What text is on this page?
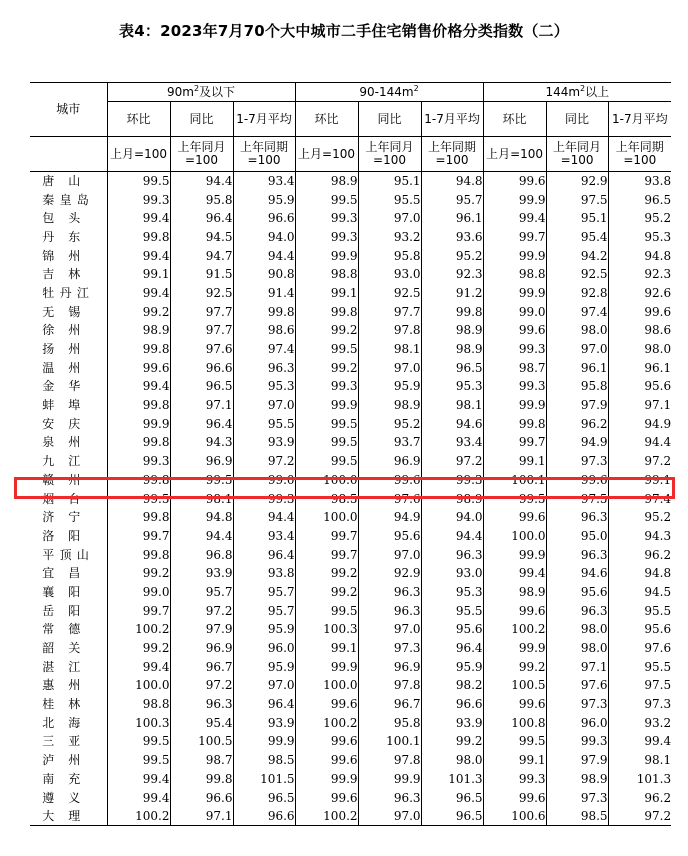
表4：2023年7月70个大中城市二手住宅销售价格分类指数（二）
城市	$90m^2$及以下			$90-144m^2$			$144m^2$以上		
	环比	同比	1-7月平均	环比	同比	1-7月平均	环比	同比	1-7月平均
	上月=100	上年同月=100	上年同期=100	上月=100	上年同月=100	上年同期=100	上月=100	上年同月=100	上年同期=100

唐 山	99.5	94.4	93.4	98.9	95.1	94.8	99.6	92.9	93.8

秦 皇 岛	99.3	95.8	95.9	99.5	95.5	95.7	99.9	97.5	96.5

包 头	99.4	96.4	96.6	99.3	97.0	96.1	99.4	95.1	95.2

丹 东	99.8	94.5	94.0	99.3	93.2	93.6	99.7	95.4	95.3

锦 州	99.4	94.7	94.4	99.9	95.8	95.2	99.9	94.2	94.8

吉 林	99.1	91.5	90.8	98.8	93.0	92.3	98.8	92.5	92.3

牡 丹 江	99.4	92.5	91.4	99.1	92.5	91.2	99.9	92.8	92.6

无 锡	99.2	97.7	99.8	99.8	97.7	99.8	99.0	97.4	99.6

徐 州	98.9	97.7	98.6	99.2	97.8	98.9	99.6	98.0	98.6

扬 州	99.8	97.6	97.4	99.5	98.1	98.9	99.3	97.0	98.0

温 州	99.6	96.6	96.3	99.2	97.0	96.5	98.7	96.1	96.1

金 华	99.4	96.5	95.3	99.3	95.9	95.3	99.3	95.8	95.6

蚌 埠	99.8	97.1	97.0	99.9	98.9	98.1	99.9	97.9	97.1

安 庆	99.9	96.4	95.5	99.5	95.2	94.6	99.8	96.2	94.9

泉 州	99.8	94.3	93.9	99.5	93.7	93.4	99.7	94.9	94.4

九 江	99.3	96.9	97.2	99.5	96.9	97.2	99.1	97.3	97.2

赣 州	99.8	99.5	99.0	100.0	99.6	99.3	100.1	99.6	99.1

烟 台	99.5	98.1	99.3	98.5	97.6	98.9	99.5	97.5	97.4

济 宁	99.8	94.8	94.4	100.0	94.9	94.0	99.6	96.3	95.2

洛 阳	99.7	94.4	93.4	99.7	95.6	94.4	100.0	95.0	94.3

平 顶 山	99.8	96.8	96.4	99.7	97.0	96.3	99.9	96.3	96.2

宜 昌	99.2	93.9	93.8	99.2	92.9	93.0	99.4	94.6	94.8

襄 阳	99.0	95.7	95.7	99.2	96.3	95.3	98.9	95.6	94.5

岳 阳	99.7	97.2	95.7	99.5	96.3	95.5	99.6	96.3	95.5

常 德	100.2	97.9	95.9	100.3	97.0	95.6	100.2	98.0	95.6

韶 关	99.2	96.9	96.0	99.1	97.3	96.4	99.9	98.0	97.6

湛 江	99.4	96.7	95.9	99.9	96.9	95.9	99.2	97.1	95.5

惠 州	100.0	97.2	97.0	100.0	97.8	98.2	100.5	97.6	97.5

桂 林	98.8	96.3	96.4	99.6	96.7	96.6	99.6	97.3	97.3

北 海	100.3	95.4	93.9	100.2	95.8	93.9	100.8	96.0	93.2

三 亚	99.5	100.5	99.9	99.6	100.1	99.2	99.5	99.3	99.4

泸 州	99.5	98.7	98.5	99.6	97.8	98.0	99.1	97.9	98.1

南 充	99.4	99.8	101.5	99.9	99.9	101.3	99.3	98.9	101.3

遵 义	99.4	96.6	96.5	99.6	96.3	96.5	99.6	97.3	96.2

大 理	100.2	97.1	96.6	100.2	97.0	96.5	100.6	98.5	97.2
